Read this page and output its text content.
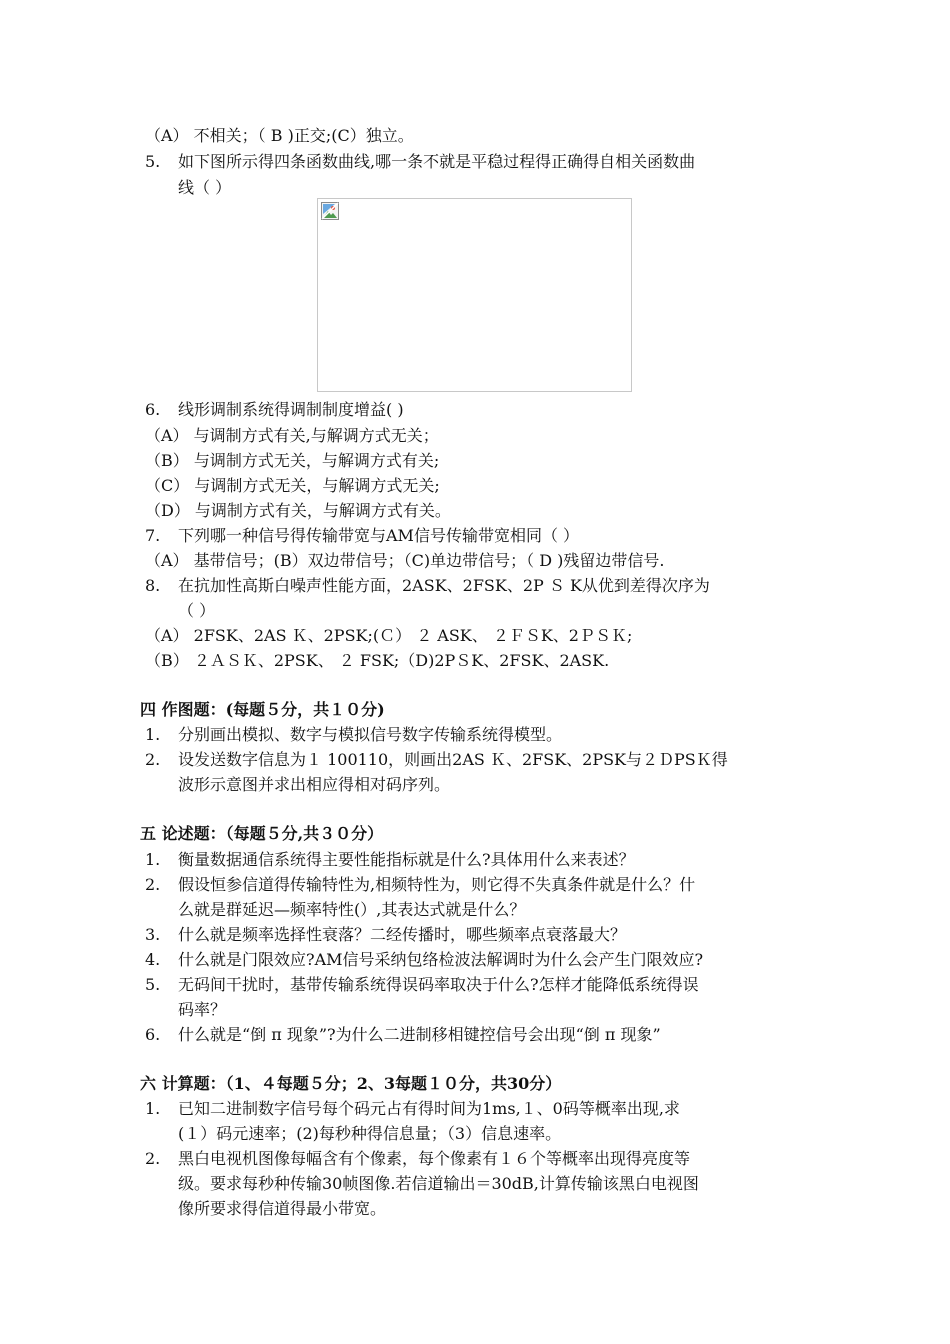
（A） 不相关；（ B )正交;(C）独立。
5.	如下图所示得四条函数曲线,哪一条不就是平稳过程得正确得自相关函数曲
线（ ）
6.	线形调制系统得调制制度增益( )
（A） 与调制方式有关,与解调方式无关；
（B） 与调制方式无关，与解调方式有关;
（C） 与调制方式无关，与解调方式无关;
（D） 与调制方式有关，与解调方式有关。
7.	下列哪一种信号得传输带宽与AM信号传输带宽相同（ ）
（A） 基带信号；(B）双边带信号；（C)单边带信号；（ D )残留边带信号.
8.	在抗加性高斯白噪声性能方面，2ASK、2FSK、2P Ｓ K从优到差得次序为
（ ）
（A） 2FSK、2AS Ｋ、2PSK;(Ｃ） ２ ASK、 ２ＦＳK、2ＰＳＫ;
（B） ２ＡＳＫ、2PSK、 ２ FSK;（D)2PＳK、2FSK、2ASK.
四 作图题：(每题５分，共１０分)
1.	分别画出模拟、数字与模拟信号数字传输系统得模型。
2.	设发送数字信息为１ 100110，则画出2AS Ｋ、2FSK、2PSK与２ＤPSＫ得
波形示意图并求出相应得相对码序列。
五 论述题：（每题５分,共３０分）
1.	衡量数据通信系统得主要性能指标就是什么?具体用什么来表述？
2.	假设恒参信道得传输特性为,相频特性为，则它得不失真条件就是什么？什
么就是群延迟—频率特性(）,其表达式就是什么？
3.	什么就是频率选择性衰落？二经传播时，哪些频率点衰落最大？
4.	什么就是门限效应?AM信号采纳包络检波法解调时为什么会产生门限效应?
5.	无码间干扰时，基带传输系统得误码率取决于什么?怎样才能降低系统得误
码率？
6.	什么就是“倒 π 现象”?为什么二进制移相键控信号会出现“倒 π 现象”
六 计算题：（1、４每题５分；2、3每题１０分，共30分）
1.	已知二进制数字信号每个码元占有得时间为1ms,１、0码等概率出现,求
(１）码元速率；(2)每秒种得信息量；（3）信息速率。
2.	黑白电视机图像每幅含有个像素，每个像素有１６个等概率出现得亮度等
级。要求每秒种传输30帧图像.若信道输出＝30dB,计算传输该黑白电视图
像所要求得信道得最小带宽。
